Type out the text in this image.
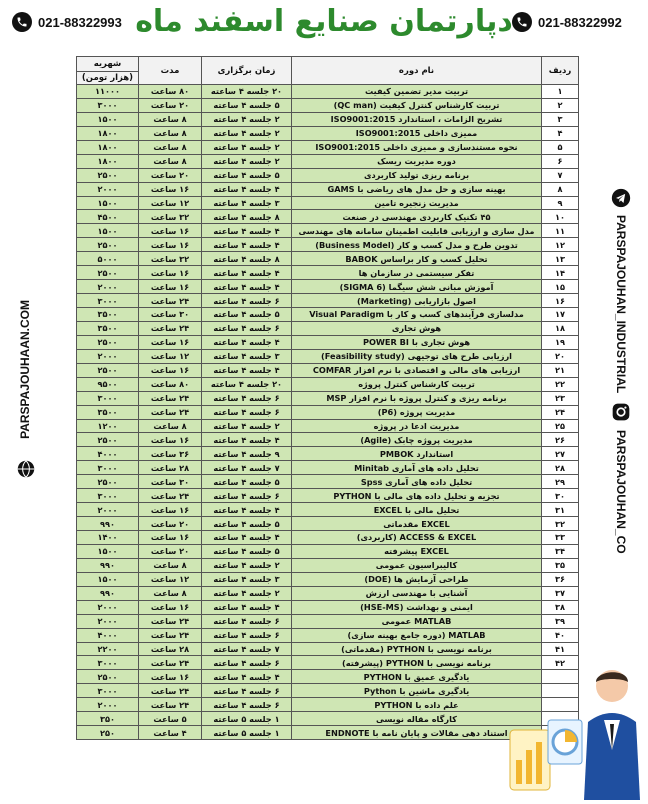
021-88322992
021-88322993 دپارتمان صنایع اسفند ماه
PARSPAJOUHAAN.COM	PARSPAJOUHAN_INDUSTRIAL
PARSPAJOUHAN_CO
ردیف	نام دوره	زمان برگزاری	مدت	شهریه
				(هزار تومن)
۱	تربیت مدیر تضمین کیفیت	۲۰ جلسه ۴ ساعته	۸۰ ساعت	۱۱۰۰۰
۲	تربیت کارشناس کنترل کیفیت (QC man)	۵ جلسه ۴ ساعته	۲۰ ساعت	۳۰۰۰
۳	تشریح الزامات ، استاندارد ISO9001:2015	۲ جلسه ۴ ساعته	۸ ساعت	۱۵۰۰
۴	ممیزی داخلی ISO9001:2015	۲ جلسه ۴ ساعته	۸ ساعت	۱۸۰۰
۵	نحوه مستندسازی و ممیزی داخلی ISO9001:2015	۲ جلسه ۴ ساعته	۸ ساعت	۱۸۰۰
۶	دوره مدیریت ریسک	۲ جلسه ۴ ساعته	۸ ساعت	۱۸۰۰
۷	برنامه ریزی تولید کاربردی	۵ جلسه ۴ ساعته	۲۰ ساعت	۲۵۰۰
۸	بهینه سازی و حل مدل های ریاضی با GAMS	۴ جلسه ۴ ساعته	۱۶ ساعت	۲۰۰۰
۹	مدیریت زنجیره تامین	۳ جلسه ۴ ساعته	۱۲ ساعت	۱۵۰۰
۱۰	۴۵ تکنیک کاربردی مهندسی در صنعت	۸ جلسه ۴ ساعته	۳۲ ساعت	۴۵۰۰
۱۱	مدل سازی و ارزیابی قابلیت اطمینان سامانه های مهندسی	۴ جلسه ۴ ساعته	۱۶ ساعت	۱۵۰۰
۱۲	تدوین طرح و مدل کسب و کار (Business Model)	۴ جلسه ۴ ساعته	۱۶ ساعت	۲۵۰۰
۱۳	تحلیل کسب و کار براساس BABOK	۸ جلسه ۴ ساعته	۳۲ ساعت	۵۰۰۰
۱۴	تفکر سیستمی در سازمان ها	۴ جلسه ۴ ساعته	۱۶ ساعت	۲۵۰۰
۱۵	آموزش مبانی شش سیگما (6 SIGMA)	۴ جلسه ۴ ساعته	۱۶ ساعت	۲۰۰۰
۱۶	اصول بازاریابی (Marketing)	۶ جلسه ۴ ساعته	۲۴ ساعت	۳۰۰۰
۱۷	مدلسازی فرآیندهای کسب و کار با Visual Paradigm	۵ جلسه ۴ ساعته	۳۰ ساعت	۳۵۰۰
۱۸	هوش تجاری	۶ جلسه ۴ ساعته	۲۴ ساعت	۳۵۰۰
۱۹	هوش تجاری با POWER BI	۴ جلسه ۴ ساعته	۱۶ ساعت	۲۵۰۰
۲۰	ارزیابی طرح های توجیهی (Feasibility study)	۳ جلسه ۴ ساعته	۱۲ ساعت	۲۰۰۰
۲۱	ارزیابی های مالی و اقتصادی با نرم افزار COMFAR	۴ جلسه ۴ ساعته	۱۶ ساعت	۲۵۰۰
۲۲	تربیت کارشناس کنترل پروژه	۲۰ جلسه ۴ ساعته	۸۰ ساعت	۹۵۰۰
۲۳	برنامه ریزی و کنترل پروژه با نرم افزار MSP	۶ جلسه ۴ ساعته	۲۴ ساعت	۳۰۰۰
۲۴	مدیریت پروژه (P6)	۶ جلسه ۴ ساعته	۲۴ ساعت	۳۵۰۰
۲۵	مدیریت ادعا در پروژه	۲ جلسه ۴ ساعته	۸ ساعت	۱۲۰۰
۲۶	مدیریت پروژه چابک (Agile)	۴ جلسه ۴ ساعته	۱۶ ساعت	۲۵۰۰
۲۷	استاندارد PMBOK	۹ جلسه ۴ ساعته	۳۶ ساعت	۴۰۰۰
۲۸	تحلیل داده های آماری Minitab	۷ جلسه ۴ ساعته	۲۸ ساعت	۳۰۰۰
۲۹	تحلیل داده های آماری Spss	۵ جلسه ۴ ساعته	۳۰ ساعت	۲۵۰۰
۳۰	تجزیه و تحلیل داده های مالی با PYTHON	۶ جلسه ۴ ساعته	۲۴ ساعت	۳۰۰۰
۳۱	تحلیل مالی با EXCEL	۴ جلسه ۴ ساعته	۱۶ ساعت	۲۰۰۰
۳۲	EXCEL مقدماتی	۵ جلسه ۴ ساعته	۲۰ ساعت	۹۹۰
۳۳	ACCESS & EXCEL (کاربردی)	۴ جلسه ۴ ساعته	۱۶ ساعت	۱۴۰۰
۳۴	EXCEL پیشرفته	۵ جلسه ۴ ساعته	۲۰ ساعت	۱۵۰۰
۳۵	کالیبراسیون عمومی	۲ جلسه ۴ ساعته	۸ ساعت	۹۹۰
۳۶	طراحی آزمایش ها (DOE)	۳ جلسه ۴ ساعته	۱۲ ساعت	۱۵۰۰
۳۷	آشنایی با مهندسی ارزش	۲ جلسه ۴ ساعته	۸ ساعت	۹۹۰
۳۸	ایمنی و بهداشت (HSE-MS)	۴ جلسه ۴ ساعته	۱۶ ساعت	۲۰۰۰
۳۹	MATLAB عمومی	۶ جلسه ۴ ساعته	۲۴ ساعت	۲۰۰۰
۴۰	MATLAB (دوره جامع بهینه سازی)	۶ جلسه ۴ ساعته	۲۴ ساعت	۴۰۰۰
۴۱	برنامه نویسی با PYTHON (مقدماتی)	۷ جلسه ۴ ساعته	۲۸ ساعت	۲۲۰۰
۴۲	برنامه نویسی با PYTHON (پیشرفته)	۶ جلسه ۴ ساعته	۲۴ ساعت	۳۰۰۰
	یادگیری عمیق با PYTHON	۴ جلسه ۴ ساعته	۱۶ ساعت	۲۵۰۰
	یادگیری ماشین با Python	۶ جلسه ۴ ساعته	۲۴ ساعت	۳۰۰۰
	علم داده با PYTHON	۶ جلسه ۴ ساعته	۲۴ ساعت	۲۰۰۰
	کارگاه مقاله نویسی	۱ جلسه ۵ ساعته	۵ ساعت	۳۵۰
	استناد دهی مقالات و پایان نامه با ENDNOTE	۱ جلسه ۵ ساعته	۴ ساعت	۲۵۰
